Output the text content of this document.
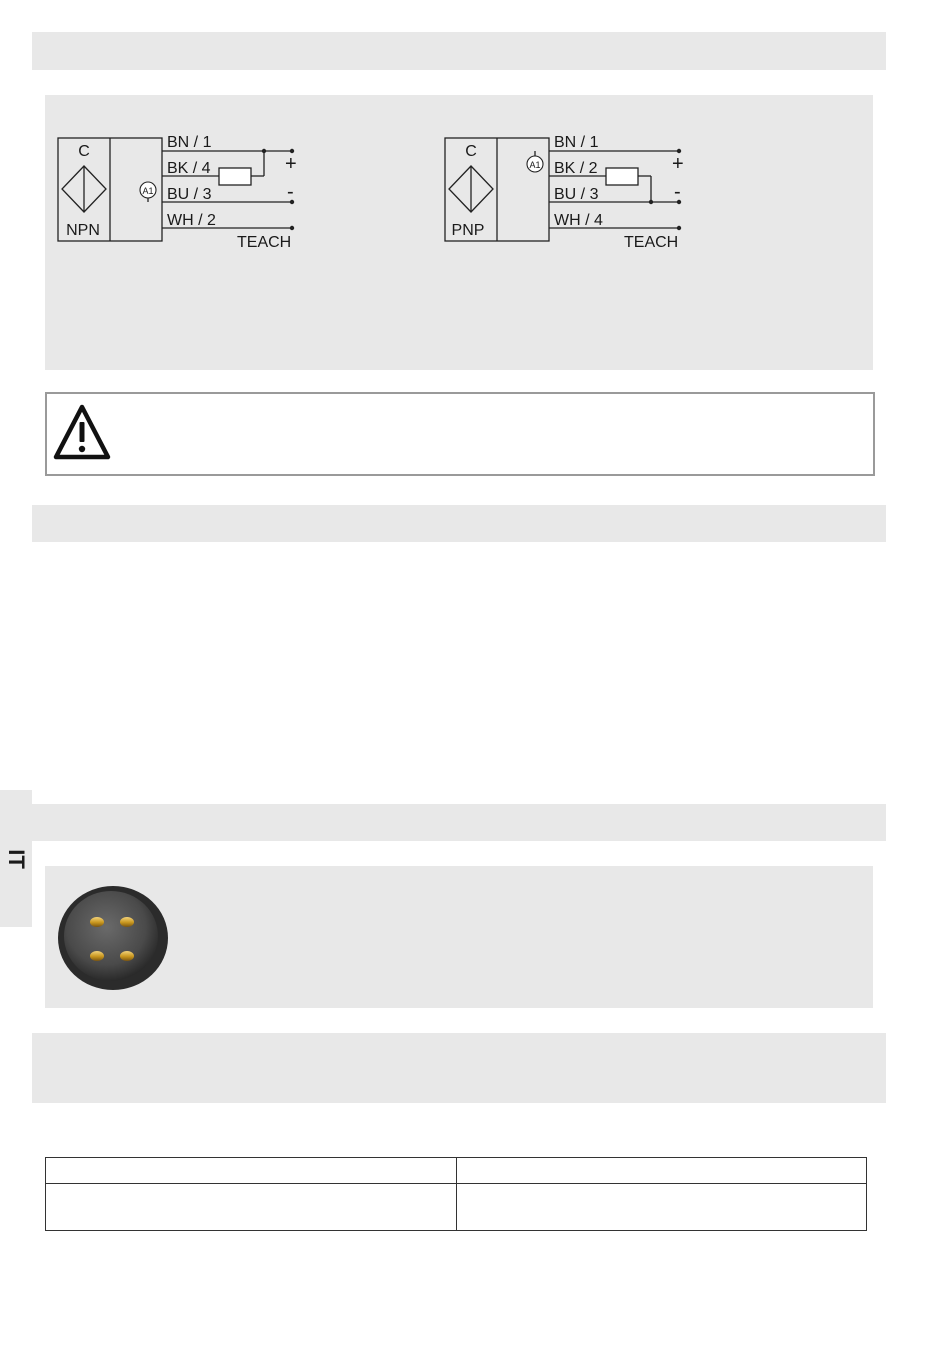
C
NPN
A1
BN / 1
BK / 4
BU / 3
WH / 2
+
-
TEACH
C
PNP
A1
BN / 1
BK / 2
BU / 3
WH / 4
+
-
TEACH
IT
